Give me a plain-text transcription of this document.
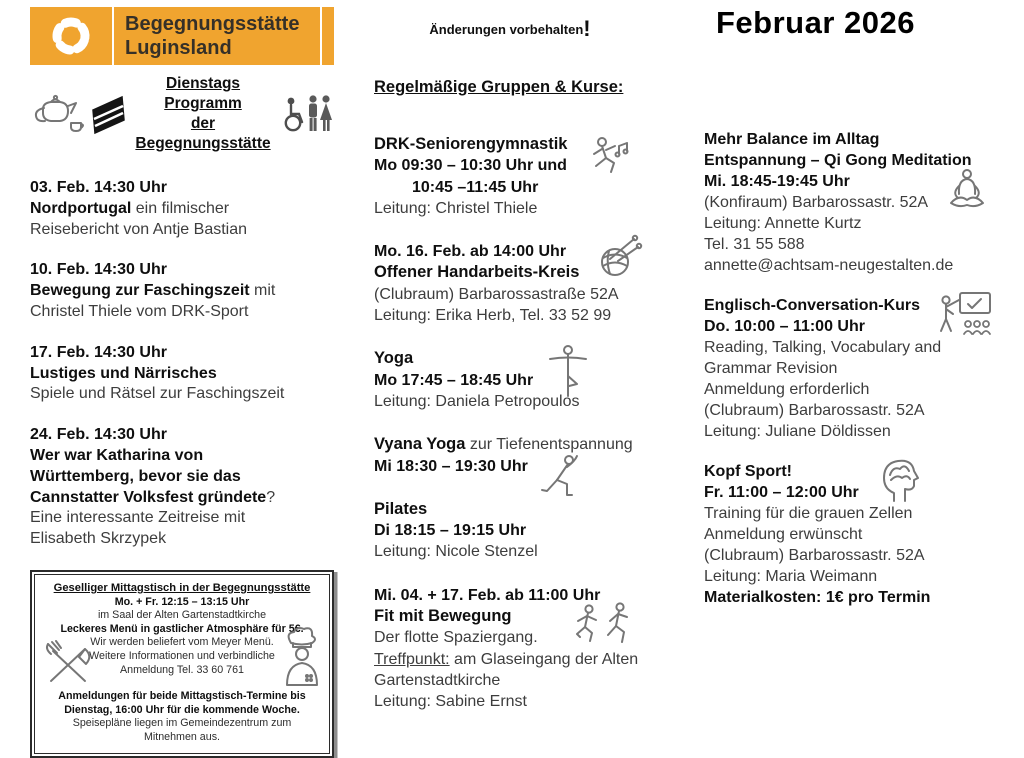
Begegnungsstätte
Luginsland
Dienstags Programm
der Begegnungsstätte
03. Feb. 14:30 Uhr
Nordportugal ein filmischer
Reisebericht von Antje Bastian
10. Feb. 14:30 Uhr
Bewegung zur Faschingszeit mit
Christel Thiele vom DRK-Sport
17. Feb. 14:30 Uhr
Lustiges und Närrisches
Spiele und Rätsel zur Faschingszeit
24. Feb. 14:30 Uhr
Wer war Katharina von
Württemberg, bevor sie das
Cannstatter Volksfest gründete?
Eine interessante Zeitreise mit
Elisabeth Skrzypek
Geselliger Mittagstisch in der Begegnungsstätte
Mo. + Fr. 12:15 – 13:15 Uhr
im Saal der Alten Gartenstadtkirche
Leckeres Menü in gastlicher Atmosphäre für 5€.
Wir werden beliefert vom Meyer Menü.
Weitere Informationen und verbindliche
Anmeldung Tel. 33 60 761
Anmeldungen für beide Mittagstisch-Termine bis
Dienstag, 16:00 Uhr für die kommende Woche.
Speisepläne liegen im Gemeindezentrum zum
Mitnehmen aus.
Änderungen vorbehalten!
Regelmäßige Gruppen & Kurse:
DRK-Seniorengymnastik
Mo 09:30 – 10:30 Uhr und
10:45 –11:45 Uhr
Leitung: Christel Thiele
Mo. 16. Feb. ab 14:00 Uhr
Offener Handarbeits-Kreis
(Clubraum) Barbarossastraße 52A
Leitung: Erika Herb, Tel. 33 52 99
Yoga
Mo 17:45 – 18:45 Uhr
Leitung: Daniela Petropoulos
Vyana Yoga zur Tiefenentspannung
Mi 18:30 – 19:30 Uhr
Pilates
Di 18:15 – 19:15 Uhr
Leitung: Nicole Stenzel
Mi. 04. + 17. Feb. ab 11:00 Uhr
Fit mit Bewegung
Der flotte Spaziergang.
Treffpunkt: am Glaseingang der Alten
Gartenstadtkirche
Leitung: Sabine Ernst
Februar 2026
Mehr Balance im Alltag
Entspannung – Qi Gong Meditation
Mi. 18:45-19:45 Uhr
(Konfiraum) Barbarossastr. 52A
Leitung: Annette Kurtz
Tel. 31 55 588
annette@achtsam-neugestalten.de
Englisch-Conversation-Kurs
Do. 10:00 – 11:00 Uhr
Reading, Talking, Vocabulary and
Grammar Revision
Anmeldung erforderlich
(Clubraum) Barbarossastr. 52A
Leitung: Juliane Döldissen
Kopf Sport!
Fr. 11:00 – 12:00 Uhr
Training für die grauen Zellen
Anmeldung erwünscht
(Clubraum) Barbarossastr. 52A
Leitung: Maria Weimann
Materialkosten: 1€ pro Termin
